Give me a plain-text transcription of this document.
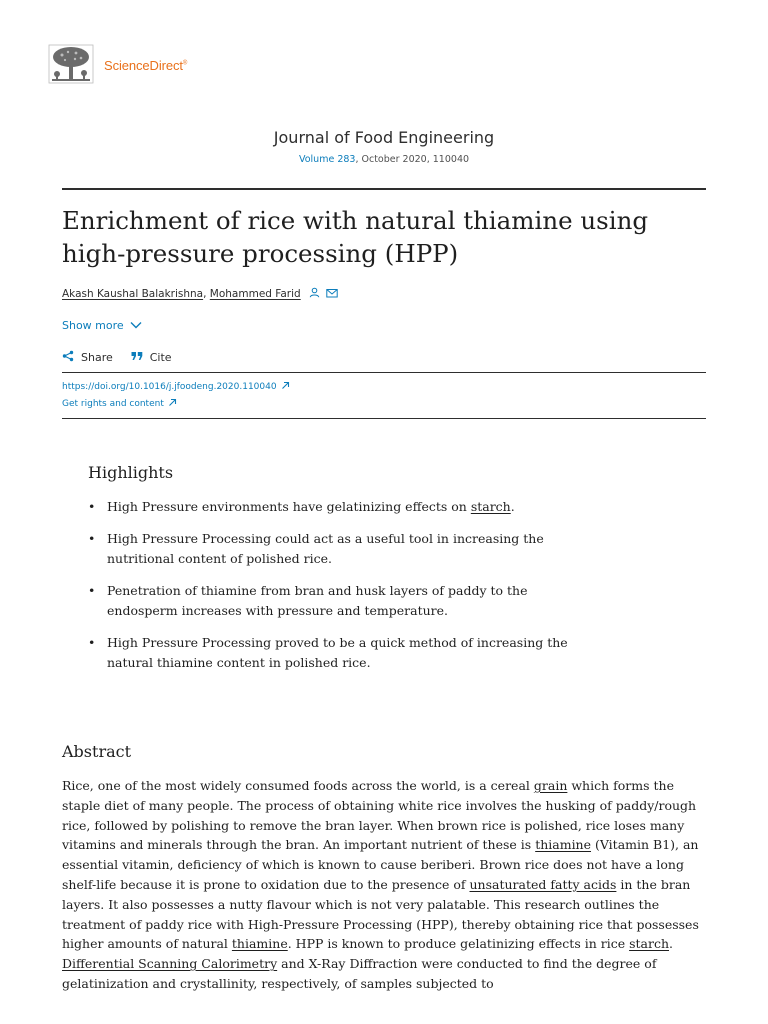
ScienceDirect®
Journal of Food Engineering
Volume 283, October 2020, 110040
Enrichment of rice with natural thiamine using high-pressure processing (HPP)
Akash Kaushal Balakrishna, Mohammed Farid
Show more
Share	Cite
https://doi.org/10.1016/j.jfoodeng.2020.110040
Get rights and content
Highlights
• High Pressure environments have gelatinizing effects on starch.
• High Pressure Processing could act as a useful tool in increasing the nutritional content of polished rice.
• Penetration of thiamine from bran and husk layers of paddy to the endosperm increases with pressure and temperature.
• High Pressure Processing proved to be a quick method of increasing the natural thiamine content in polished rice.
Abstract

Rice, one of the most widely consumed foods across the world, is a cereal grain which forms the staple diet of many people. The process of obtaining white rice involves the husking of paddy/rough rice, followed by polishing to remove the bran layer. When brown rice is polished, rice loses many vitamins and minerals through the bran. An important nutrient of these is thiamine (Vitamin B1), an essential vitamin, deficiency of which is known to cause beriberi. Brown rice does not have a long shelf-life because it is prone to oxidation due to the presence of unsaturated fatty acids in the bran layers. It also possesses a nutty flavour which is not very palatable. This research outlines the treatment of paddy rice with High-Pressure Processing (HPP), thereby obtaining rice that possesses higher amounts of natural thiamine. HPP is known to produce gelatinizing effects in rice starch. Differential Scanning Calorimetry and X-Ray Diffraction were conducted to find the degree of gelatinization and crystallinity, respectively, of samples subjected to
